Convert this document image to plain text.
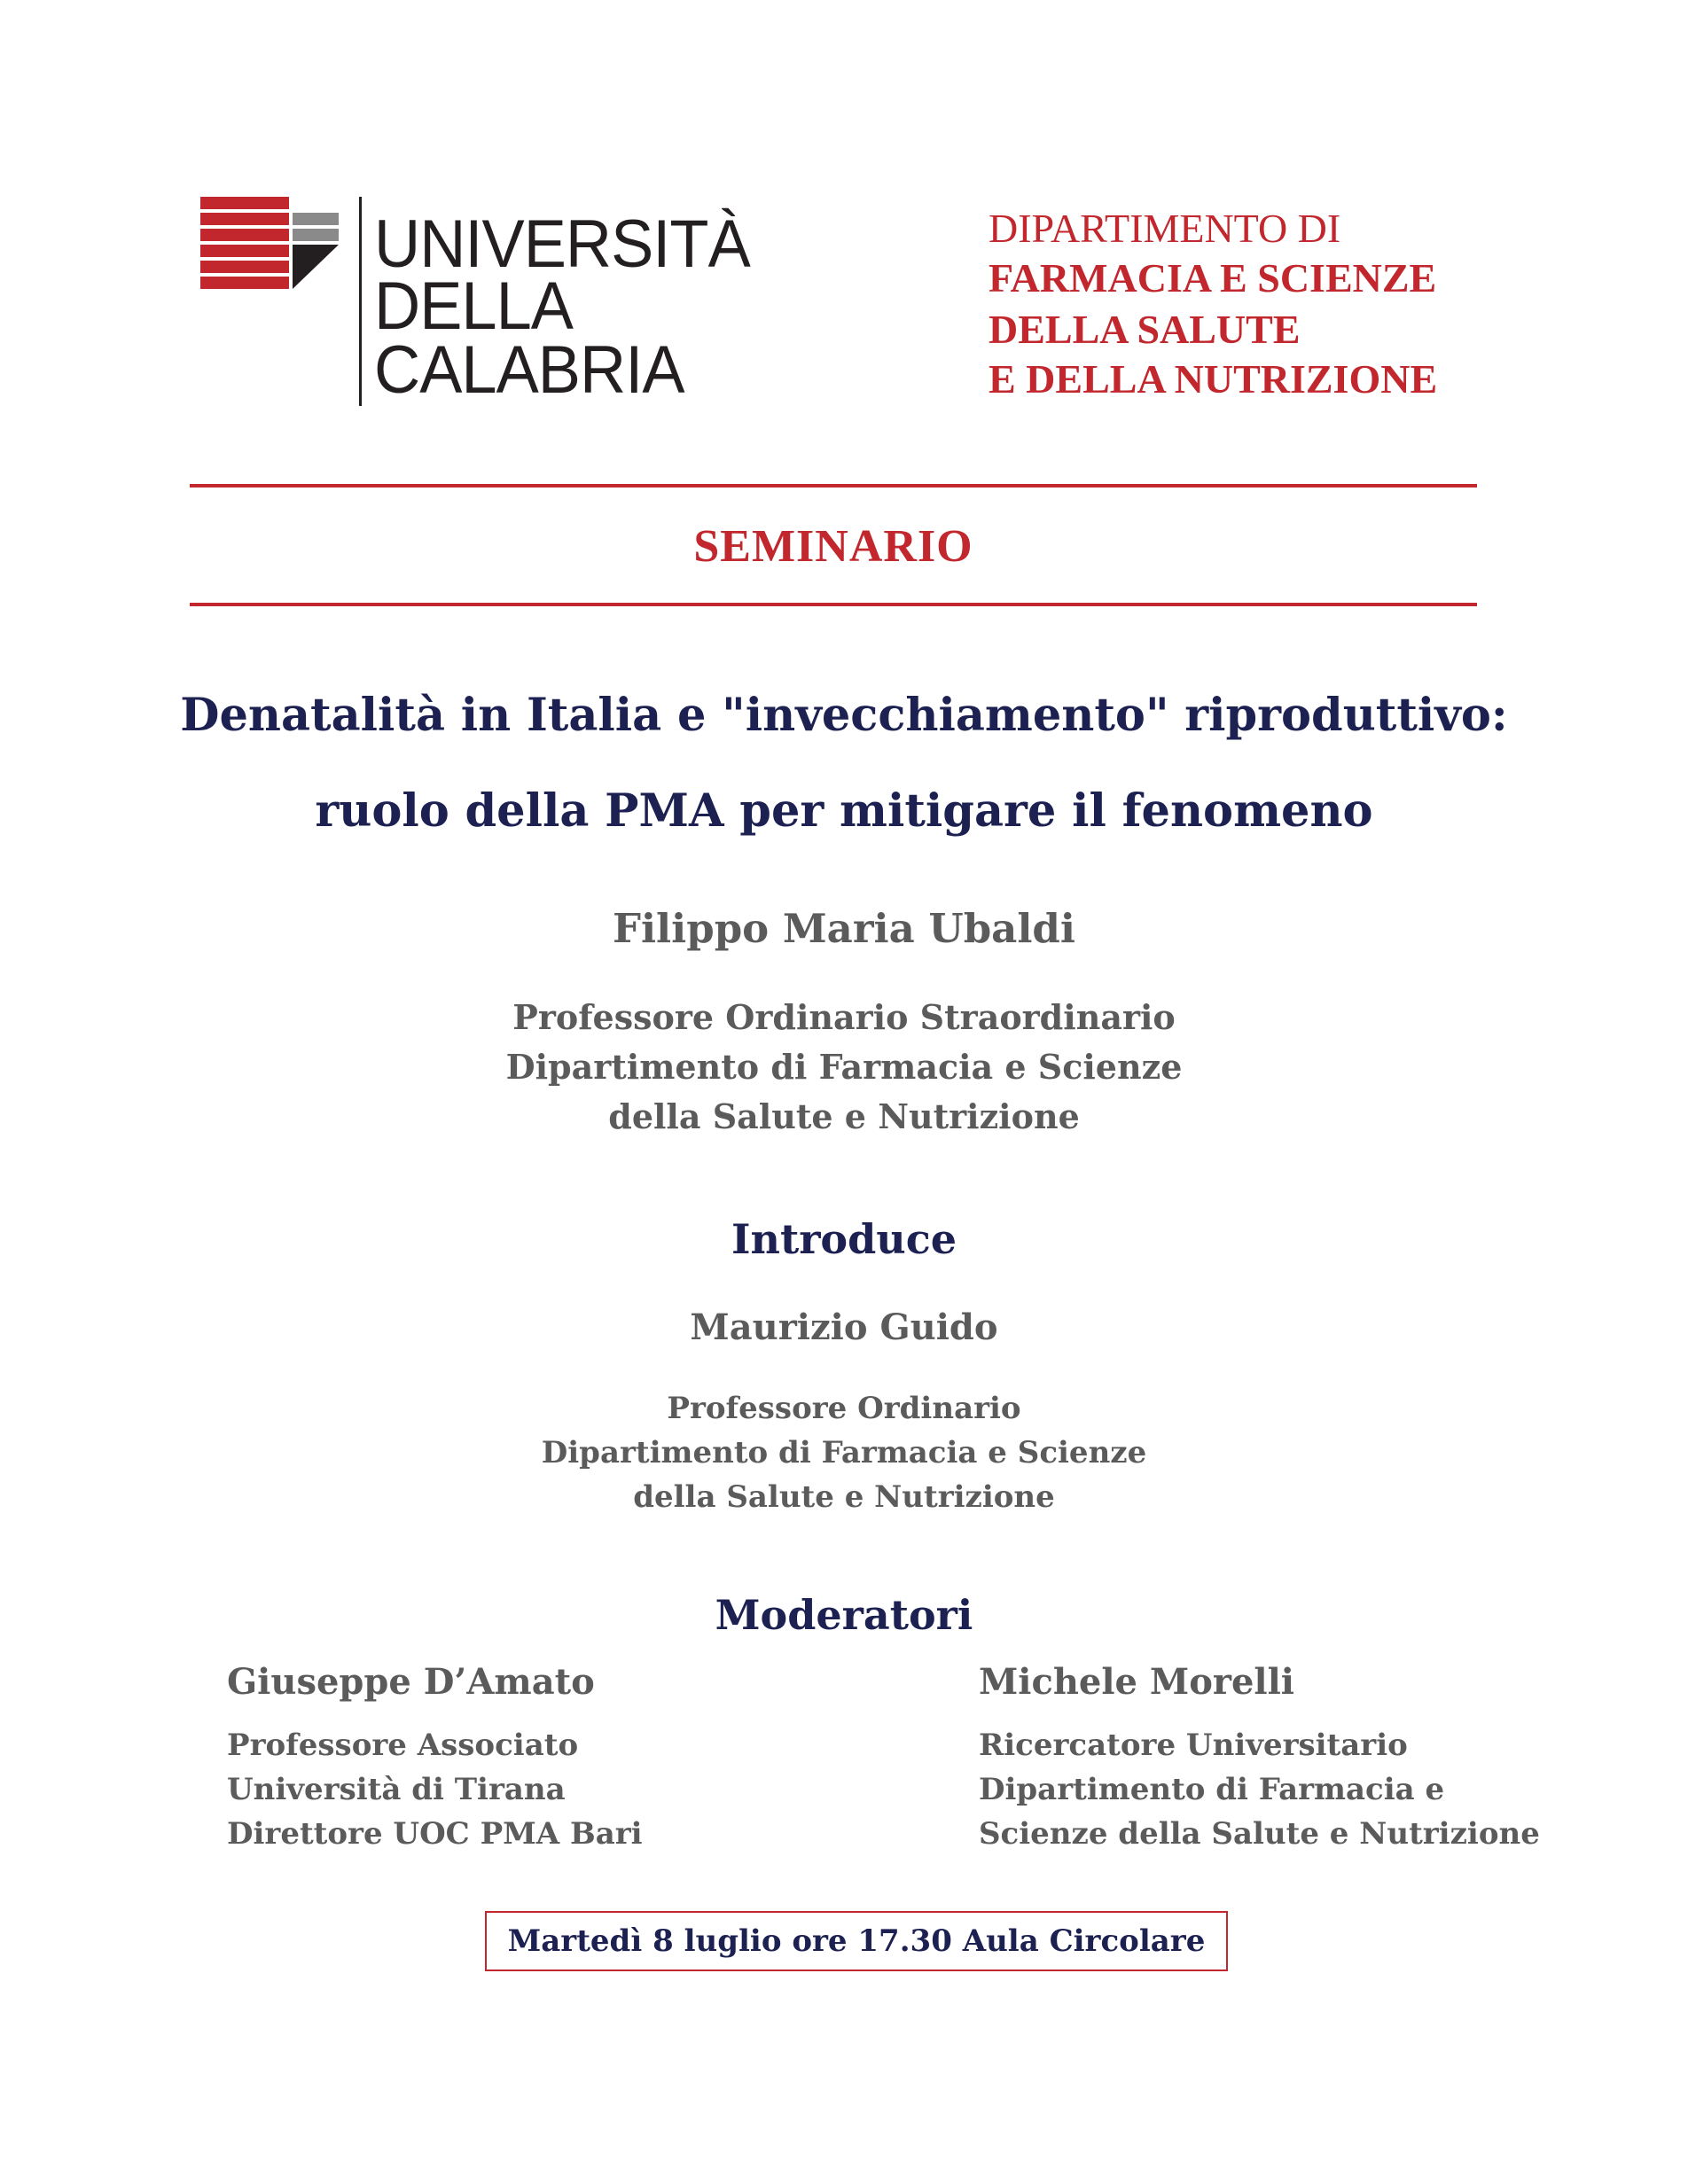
UNIVERSITÀ
DELLA
CALABRIA
DIPARTIMENTO DI
FARMACIA E SCIENZE
DELLA SALUTE
E DELLA NUTRIZIONE
SEMINARIO
Denatalità in Italia e "invecchiamento" riproduttivo:
ruolo della PMA per mitigare il fenomeno
Filippo Maria Ubaldi
Professore Ordinario Straordinario
Dipartimento di Farmacia e Scienze
della Salute e Nutrizione
Introduce
Maurizio Guido
Professore Ordinario
Dipartimento di Farmacia e Scienze
della Salute e Nutrizione
Moderatori
Giuseppe D’Amato
Professore Associato
Università di Tirana
Direttore UOC PMA Bari
Michele Morelli
Ricercatore Universitario
Dipartimento di Farmacia e
Scienze della Salute e Nutrizione
Martedì 8 luglio ore 17.30 Aula Circolare
